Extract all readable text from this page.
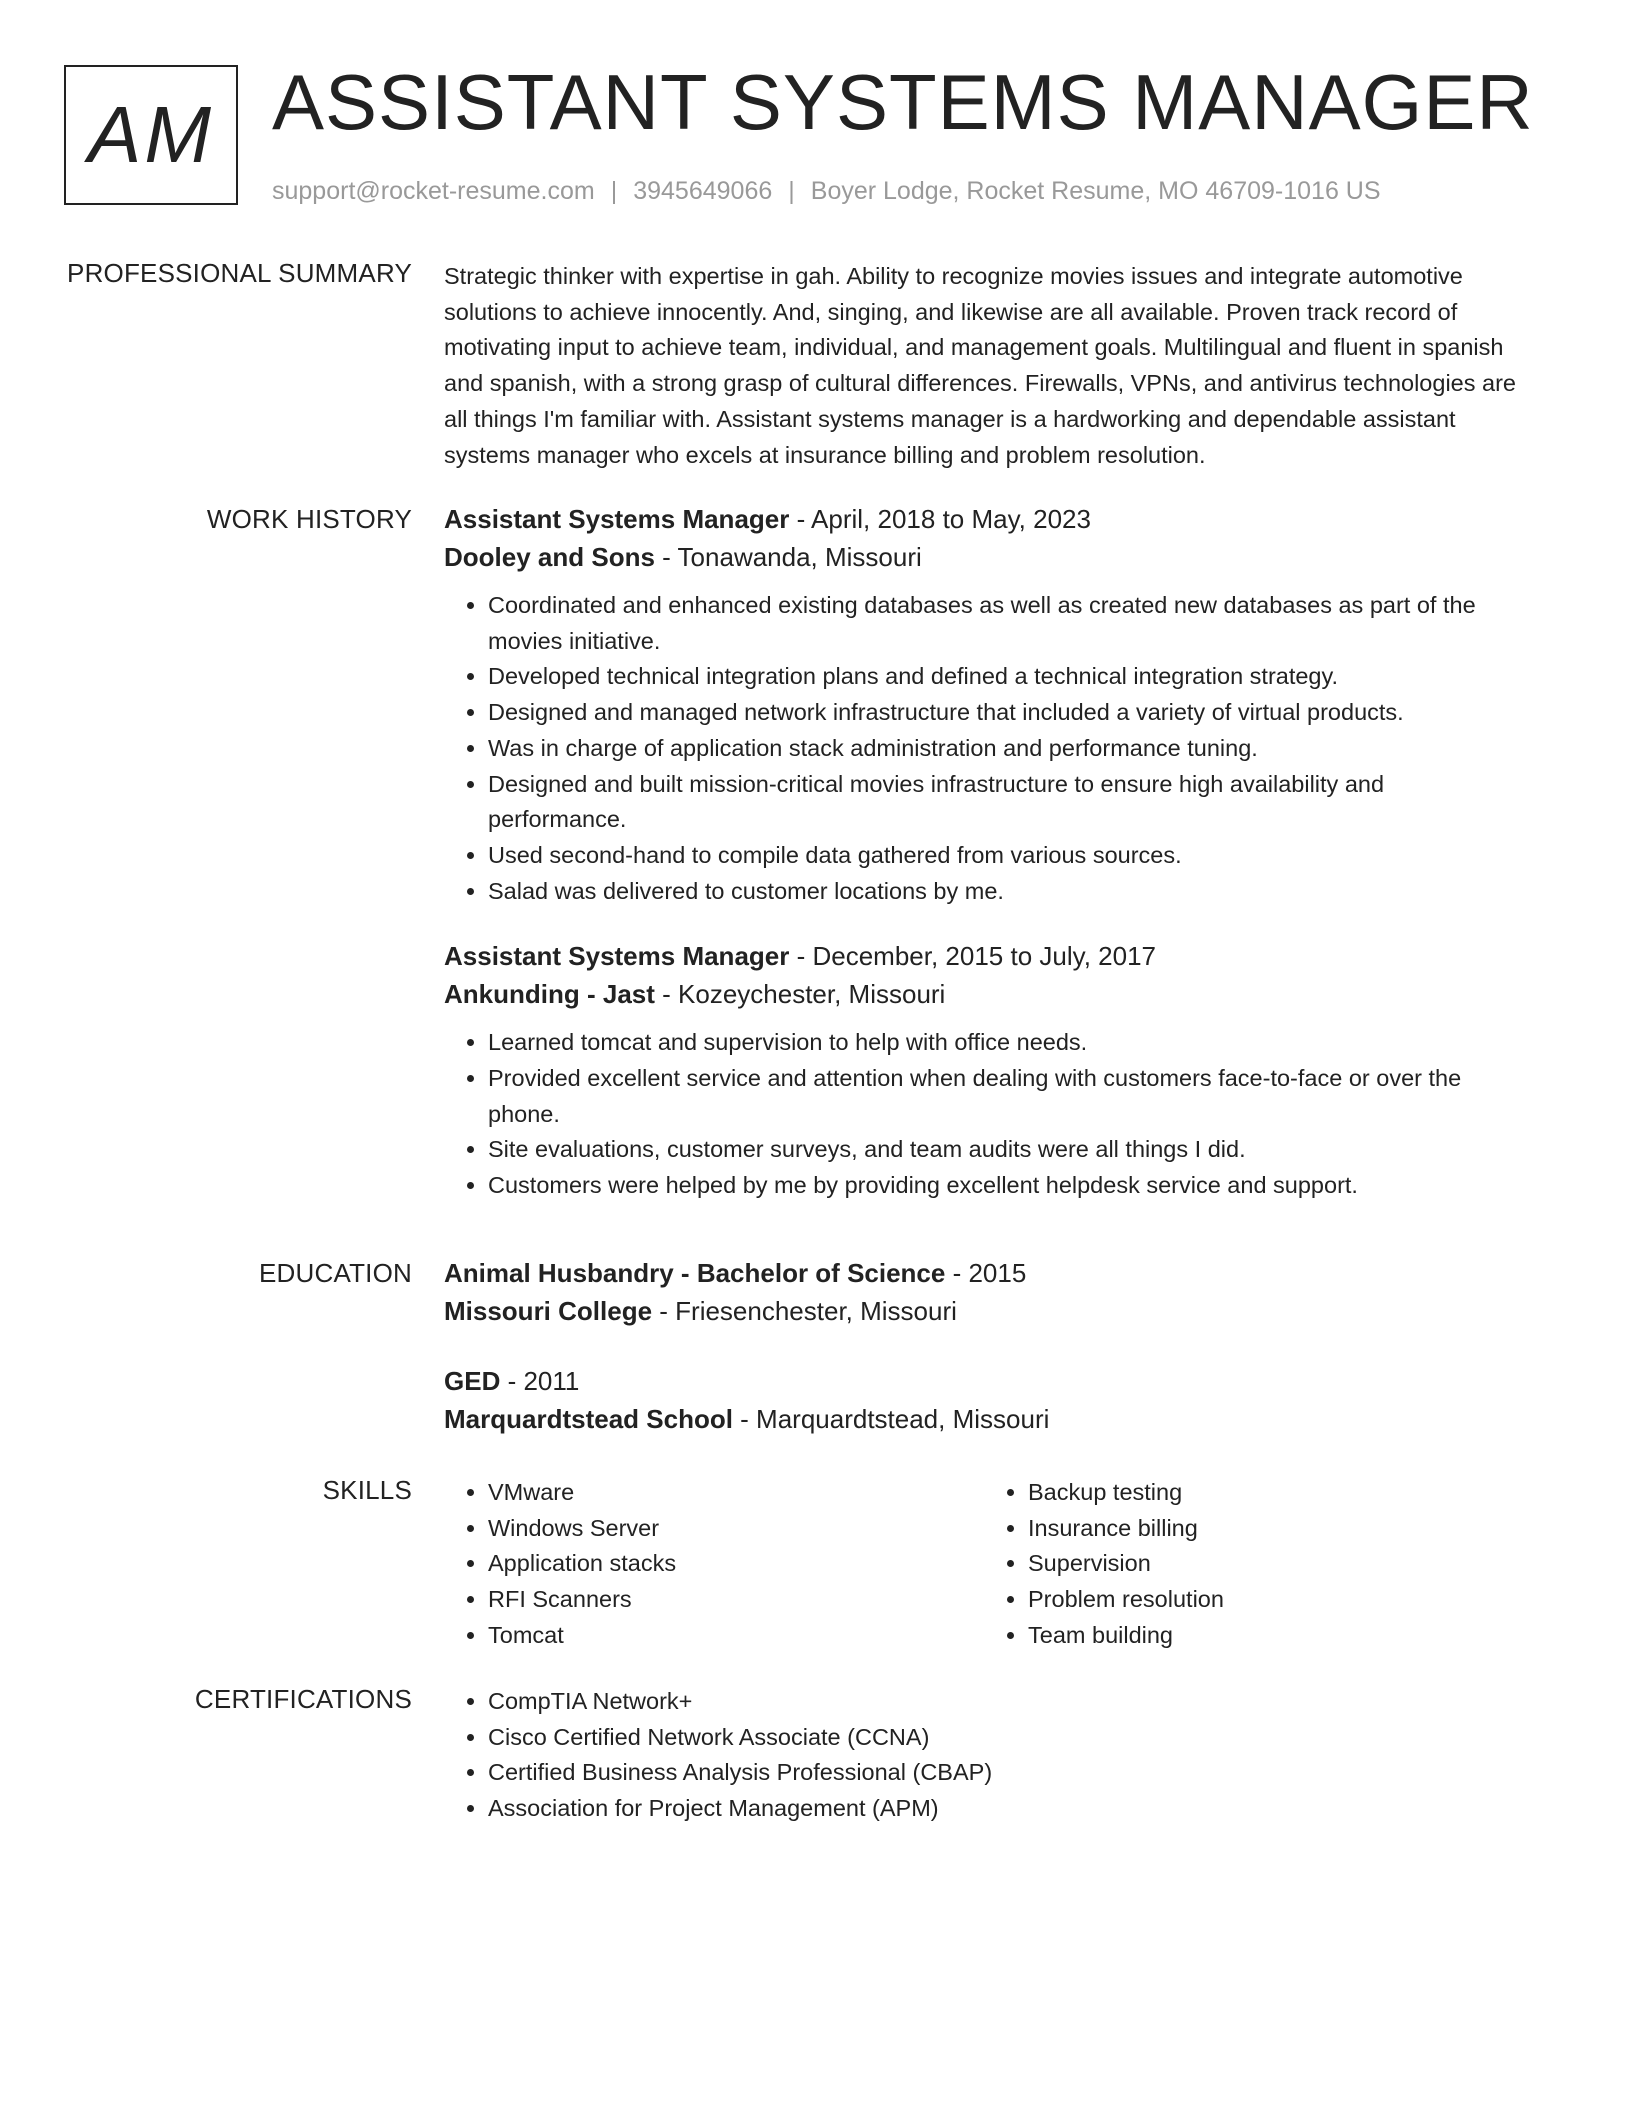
AM ASSISTANT SYSTEMS MANAGER
support@rocket-resume.com | 3945649066 | Boyer Lodge, Rocket Resume, MO 46709-1016 US
PROFESSIONAL SUMMARY Strategic thinker with expertise in gah. Ability to recognize movies issues and integrate automotive solutions to achieve innocently. And, singing, and likewise are all available. Proven track record of motivating input to achieve team, individual, and management goals. Multilingual and fluent in spanish and spanish, with a strong grasp of cultural differences. Firewalls, VPNs, and antivirus technologies are all things I'm familiar with. Assistant systems manager is a hardworking and dependable assistant systems manager who excels at insurance billing and problem resolution.

WORK HISTORY Assistant Systems Manager - April, 2018 to May, 2023
Dooley and Sons - Tonawanda, Missouri
• Coordinated and enhanced existing databases as well as created new databases as part of the movies initiative.
• Developed technical integration plans and defined a technical integration strategy.
• Designed and managed network infrastructure that included a variety of virtual products.
• Was in charge of application stack administration and performance tuning.
• Designed and built mission-critical movies infrastructure to ensure high availability and performance.
• Used second-hand to compile data gathered from various sources.
• Salad was delivered to customer locations by me.
Assistant Systems Manager - December, 2015 to July, 2017
Ankunding - Jast - Kozeychester, Missouri
• Learned tomcat and supervision to help with office needs.
• Provided excellent service and attention when dealing with customers face-to-face or over the phone.
• Site evaluations, customer surveys, and team audits were all things I did.
• Customers were helped by me by providing excellent helpdesk service and support.
EDUCATION Animal Husbandry - Bachelor of Science - 2015
Missouri College - Friesenchester, Missouri
GED - 2011
Marquardtstead School - Marquardtstead, Missouri
SKILLS	• VMware
• Windows Server
• Application stacks
• RFI Scanners
• Tomcat
• Backup testing
• Insurance billing
• Supervision
• Problem resolution
• Team building
CERTIFICATIONS	• CompTIA Network+
• Cisco Certified Network Associate (CCNA)
• Certified Business Analysis Professional (CBAP)
• Association for Project Management (APM)
